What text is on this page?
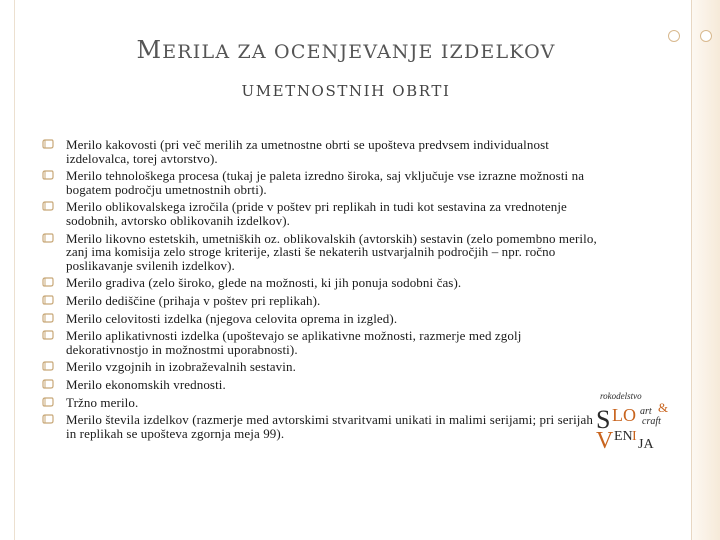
MERILA ZA OCENJEVANJE IZDELKOV
UMETNOSTNIH OBRTI
Merilo kakovosti (pri več merilih za umetnostne obrti se upošteva predvsem individualnost izdelovalca, torej avtorstvo).
Merilo tehnološkega procesa (tukaj je paleta izredno široka, saj vključuje vse izrazne možnosti na bogatem področju umetnostnih obrti).
Merilo oblikovalskega izročila (pride v poštev pri replikah in tudi kot sestavina za vrednotenje sodobnih, avtorsko oblikovanih izdelkov).
Merilo likovno estetskih, umetniških oz. oblikovalskih (avtorskih) sestavin (zelo pomembno merilo, zanj ima komisija zelo stroge kriterije, zlasti še nekaterih ustvarjalnih področjih – npr. ročno poslikavanje svilenih izdelkov).
Merilo gradiva (zelo široko, glede na možnosti, ki jih ponuja sodobni čas).
Merilo dediščine (prihaja v poštev pri replikah).
Merilo celovitosti izdelka (njegova celovita oprema in izgled).
Merilo aplikativnosti izdelka (upoštevajo se aplikativne možnosti, razmerje med zgolj dekorativnostjo in možnostmi uporabnosti).
Merilo vzgojnih in izobraževalnih sestavin.
Merilo ekonomskih vrednosti.
Tržno merilo.
Merilo števila izdelkov (razmerje med avtorskimi stvaritvami unikati in malimi serijami; pri serijah in replikah se upošteva zgornja meja 99).
rokodelstvo
S LO
V EN I
JA
art &
craft
